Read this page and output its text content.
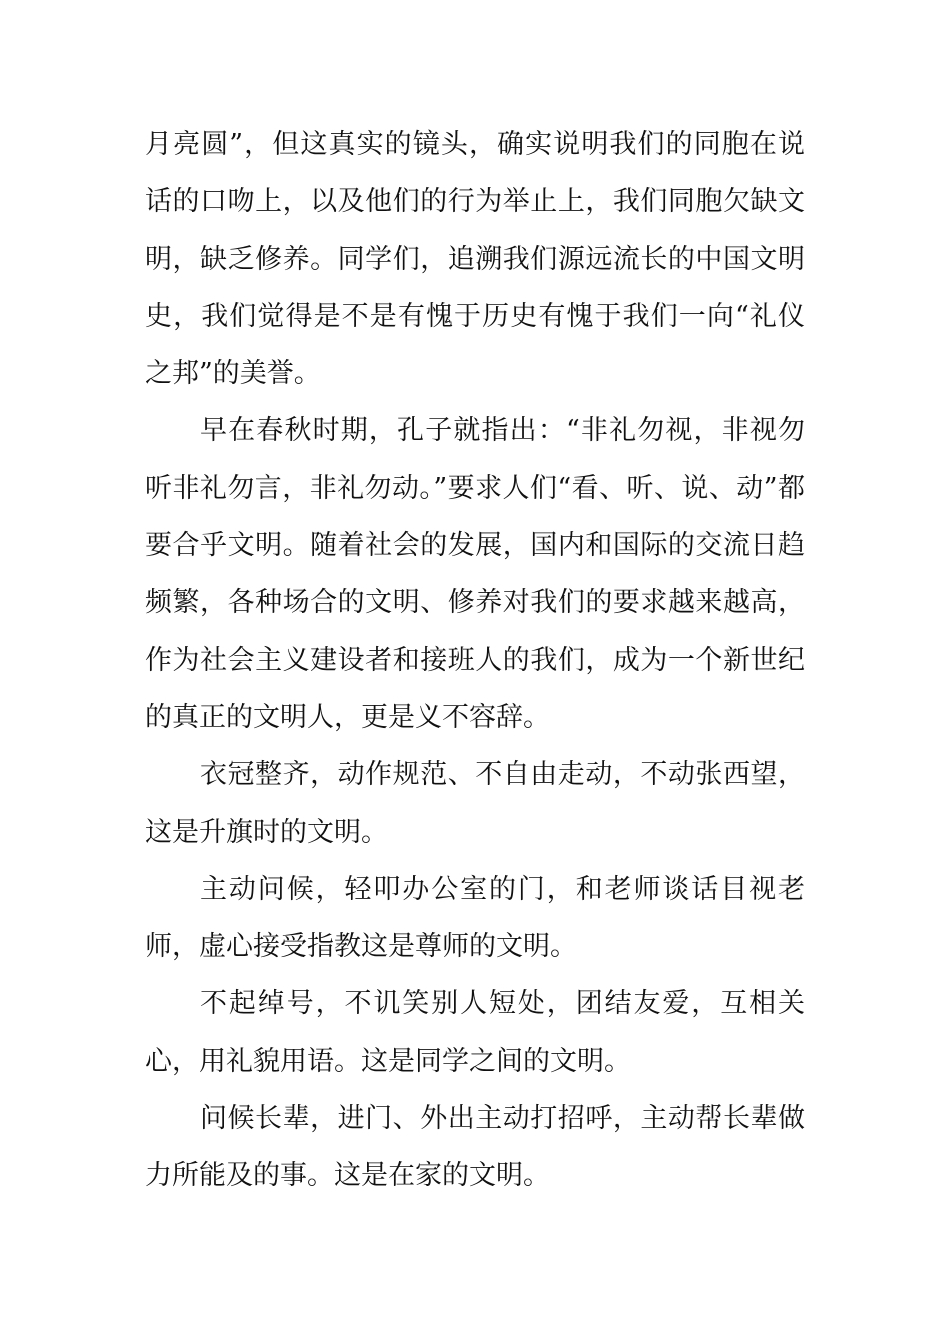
月亮圆”，但这真实的镜头，确实说明我们的同胞在说话的口吻上，以及他们的行为举止上，我们同胞欠缺文明，缺乏修养。同学们，追溯我们源远流长的中国文明史，我们觉得是不是有愧于历史有愧于我们一向“礼仪之邦”的美誉。

早在春秋时期，孔子就指出：“非礼勿视，非视勿听非礼勿言，非礼勿动。”要求人们“看、听、说、动”都要合乎文明。随着社会的发展，国内和国际的交流日趋频繁，各种场合的文明、修养对我们的要求越来越高，作为社会主义建设者和接班人的我们，成为一个新世纪的真正的文明人，更是义不容辞。

衣冠整齐，动作规范、不自由走动，不动张西望，这是升旗时的文明。

主动问候，轻叩办公室的门，和老师谈话目视老师，虚心接受指教这是尊师的文明。

不起绰号，不讥笑别人短处，团结友爱，互相关心，用礼貌用语。这是同学之间的文明。

问候长辈，进门、外出主动打招呼，主动帮长辈做力所能及的事。这是在家的文明。
